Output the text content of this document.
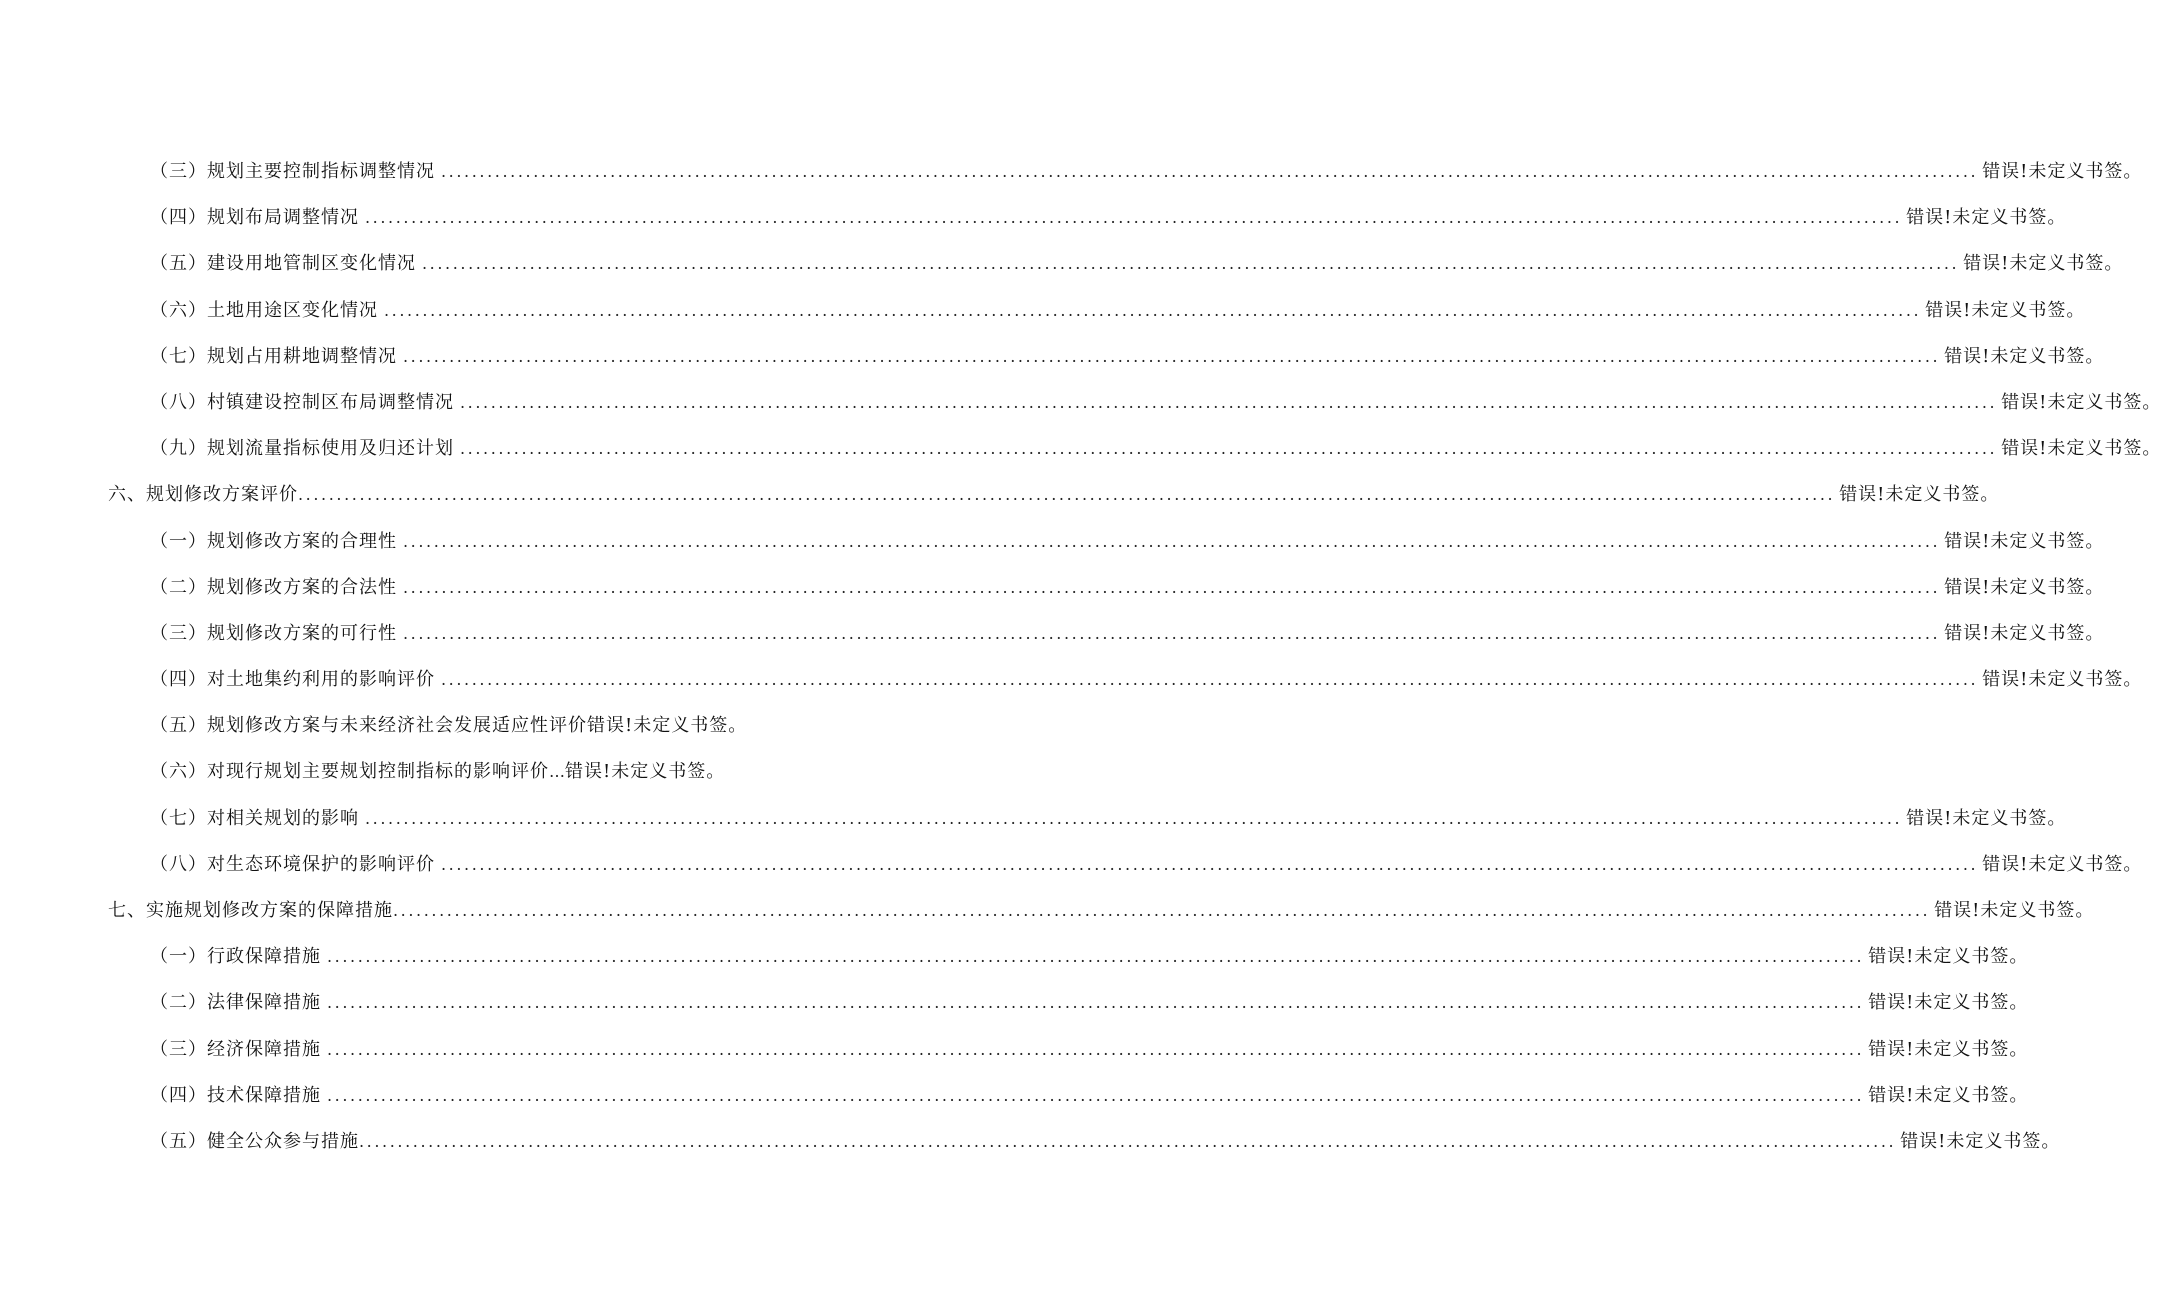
（三）规划主要控制指标调整情况 ........................................................................................................................................................................................................ 错误!未定义书签。
（四）规划布局调整情况 ........................................................................................................................................................................................................ 错误!未定义书签。
（五）建设用地管制区变化情况 ........................................................................................................................................................................................................ 错误!未定义书签。
（六）土地用途区变化情况 ........................................................................................................................................................................................................ 错误!未定义书签。
（七）规划占用耕地调整情况 ........................................................................................................................................................................................................ 错误!未定义书签。
（八）村镇建设控制区布局调整情况 ........................................................................................................................................................................................................ 错误!未定义书签。
（九）规划流量指标使用及归还计划 ........................................................................................................................................................................................................ 错误!未定义书签。
六、规划修改方案评价 ........................................................................................................................................................................................................ 错误!未定义书签。
（一）规划修改方案的合理性 ........................................................................................................................................................................................................ 错误!未定义书签。
（二）规划修改方案的合法性 ........................................................................................................................................................................................................ 错误!未定义书签。
（三）规划修改方案的可行性 ........................................................................................................................................................................................................ 错误!未定义书签。
（四）对土地集约利用的影响评价 ........................................................................................................................................................................................................ 错误!未定义书签。
（五）规划修改方案与未来经济社会发展适应性评价 错误!未定义书签。
（六）对现行规划主要规划控制指标的影响评价 … 错误!未定义书签。
（七）对相关规划的影响 ........................................................................................................................................................................................................ 错误!未定义书签。
（八）对生态环境保护的影响评价 ........................................................................................................................................................................................................ 错误!未定义书签。
七、实施规划修改方案的保障措施 ........................................................................................................................................................................................................ 错误!未定义书签。
（一）行政保障措施 ........................................................................................................................................................................................................ 错误!未定义书签。
（二）法律保障措施 ........................................................................................................................................................................................................ 错误!未定义书签。
（三）经济保障措施 ........................................................................................................................................................................................................ 错误!未定义书签。
（四）技术保障措施 ........................................................................................................................................................................................................ 错误!未定义书签。
（五）健全公众参与措施 ........................................................................................................................................................................................................ 错误!未定义书签。
